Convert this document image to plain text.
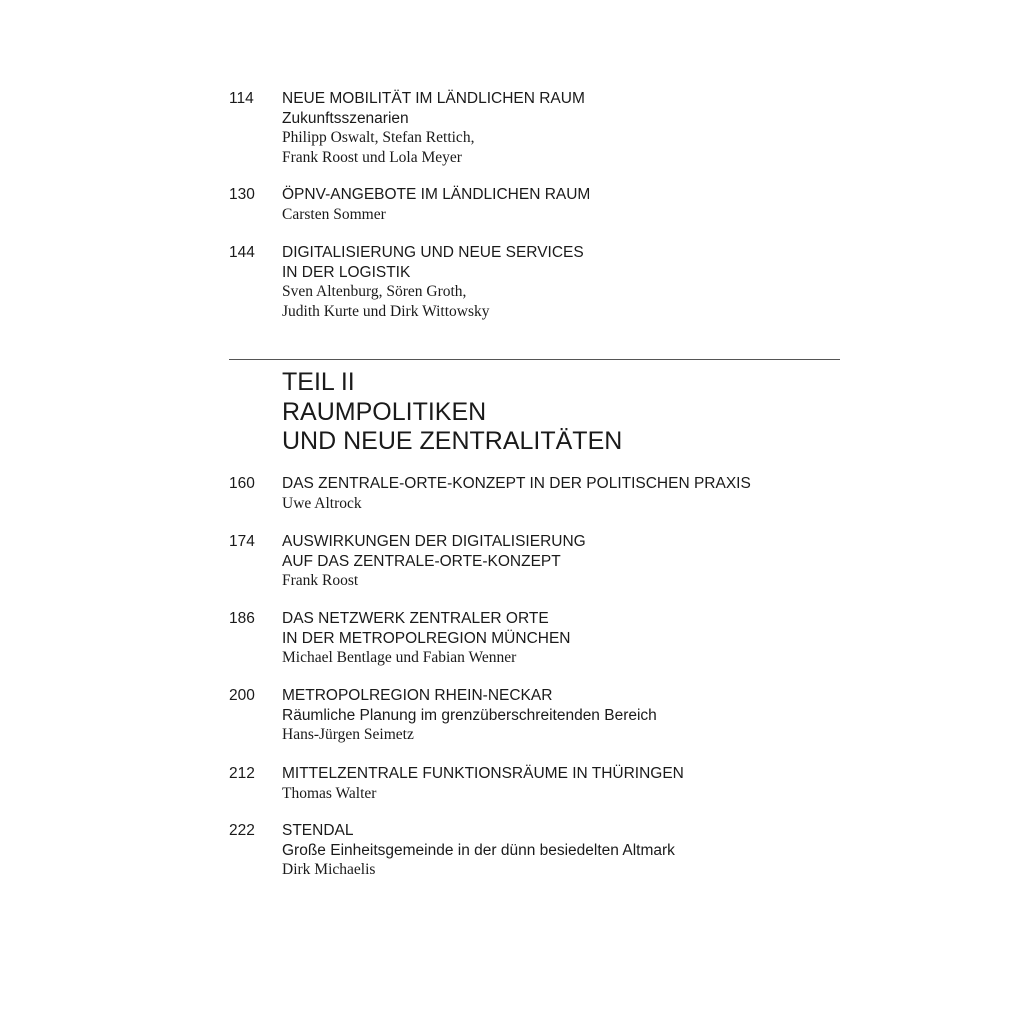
114	NEUE MOBILITÄT IM LÄNDLICHEN RAUM
Zukunftsszenarien
Philipp Oswalt, Stefan Rettich,
Frank Roost und Lola Meyer
130	ÖPNV-ANGEBOTE IM LÄNDLICHEN RAUM
Carsten Sommer
144	DIGITALISIERUNG UND NEUE SERVICES
IN DER LOGISTIK
Sven Altenburg, Sören Groth,
Judith Kurte und Dirk Wittowsky
TEIL II
RAUMPOLITIKEN
UND NEUE ZENTRALITÄTEN
160	DAS ZENTRALE-ORTE-KONZEPT IN DER POLITISCHEN PRAXIS
Uwe Altrock
174	AUSWIRKUNGEN DER DIGITALISIERUNG
AUF DAS ZENTRALE-ORTE-KONZEPT
Frank Roost
186	DAS NETZWERK ZENTRALER ORTE
IN DER METROPOLREGION MÜNCHEN
Michael Bentlage und Fabian Wenner
200	METROPOLREGION RHEIN-NECKAR
Räumliche Planung im grenzüberschreitenden Bereich
Hans-Jürgen Seimetz
212	MITTELZENTRALE FUNKTIONSRÄUME IN THÜRINGEN
Thomas Walter
222	STENDAL
Große Einheitsgemeinde in der dünn besiedelten Altmark
Dirk Michaelis
